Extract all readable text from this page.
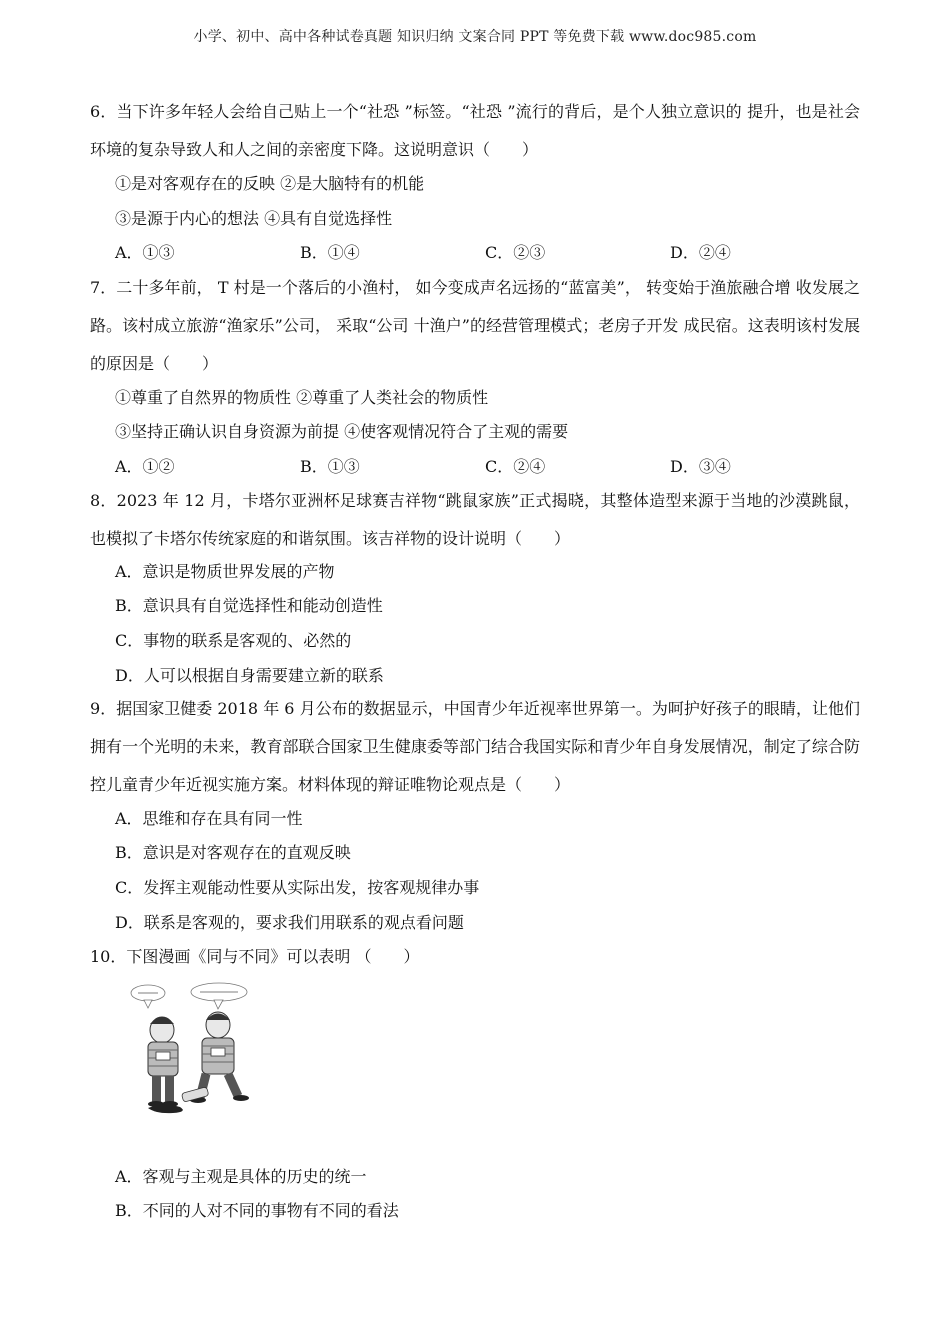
小学、初中、高中各种试卷真题 知识归纳 文案合同 PPT 等免费下载 www.doc985.com
6．当下许多年轻人会给自己贴上一个“社恐 ”标签。“社恐 ”流行的背后，是个人独立意识的 提升，也是社会环境的复杂导致人和人之间的亲密度下降。这说明意识（　　）
①是对客观存在的反映 ②是大脑特有的机能
③是源于内心的想法 ④具有自觉选择性
A．①③	B．①④	C．②③	D．②④
7．二十多年前， T 村是一个落后的小渔村， 如今变成声名远扬的“蓝富美”， 转变始于渔旅融合增 收发展之路。该村成立旅游“渔家乐”公司， 采取“公司 十渔户”的经营管理模式；老房子开发 成民宿。这表明该村发展的原因是（　　）
①尊重了自然界的物质性 ②尊重了人类社会的物质性
③坚持正确认识自身资源为前提 ④使客观情况符合了主观的需要
A．①②	B．①③	C．②④	D．③④
8．2023 年 12 月，卡塔尔亚洲杯足球赛吉祥物“跳鼠家族”正式揭晓，其整体造型来源于当地的沙漠跳鼠，也模拟了卡塔尔传统家庭的和谐氛围。该吉祥物的设计说明（　　）
A．意识是物质世界发展的产物
B．意识具有自觉选择性和能动创造性
C．事物的联系是客观的、必然的
D．人可以根据自身需要建立新的联系
9．据国家卫健委 2018 年 6 月公布的数据显示，中国青少年近视率世界第一。为呵护好孩子的眼睛，让他们拥有一个光明的未来，教育部联合国家卫生健康委等部门结合我国实际和青少年自身发展情况，制定了综合防控儿童青少年近视实施方案。材料体现的辩证唯物论观点是（　　）
A．思维和存在具有同一性
B．意识是对客观存在的直观反映
C．发挥主观能动性要从实际出发，按客观规律办事
D．联系是客观的，要求我们用联系的观点看问题
10．下图漫画《同与不同》可以表明 （　　）
A．客观与主观是具体的历史的统一
B．不同的人对不同的事物有不同的看法
